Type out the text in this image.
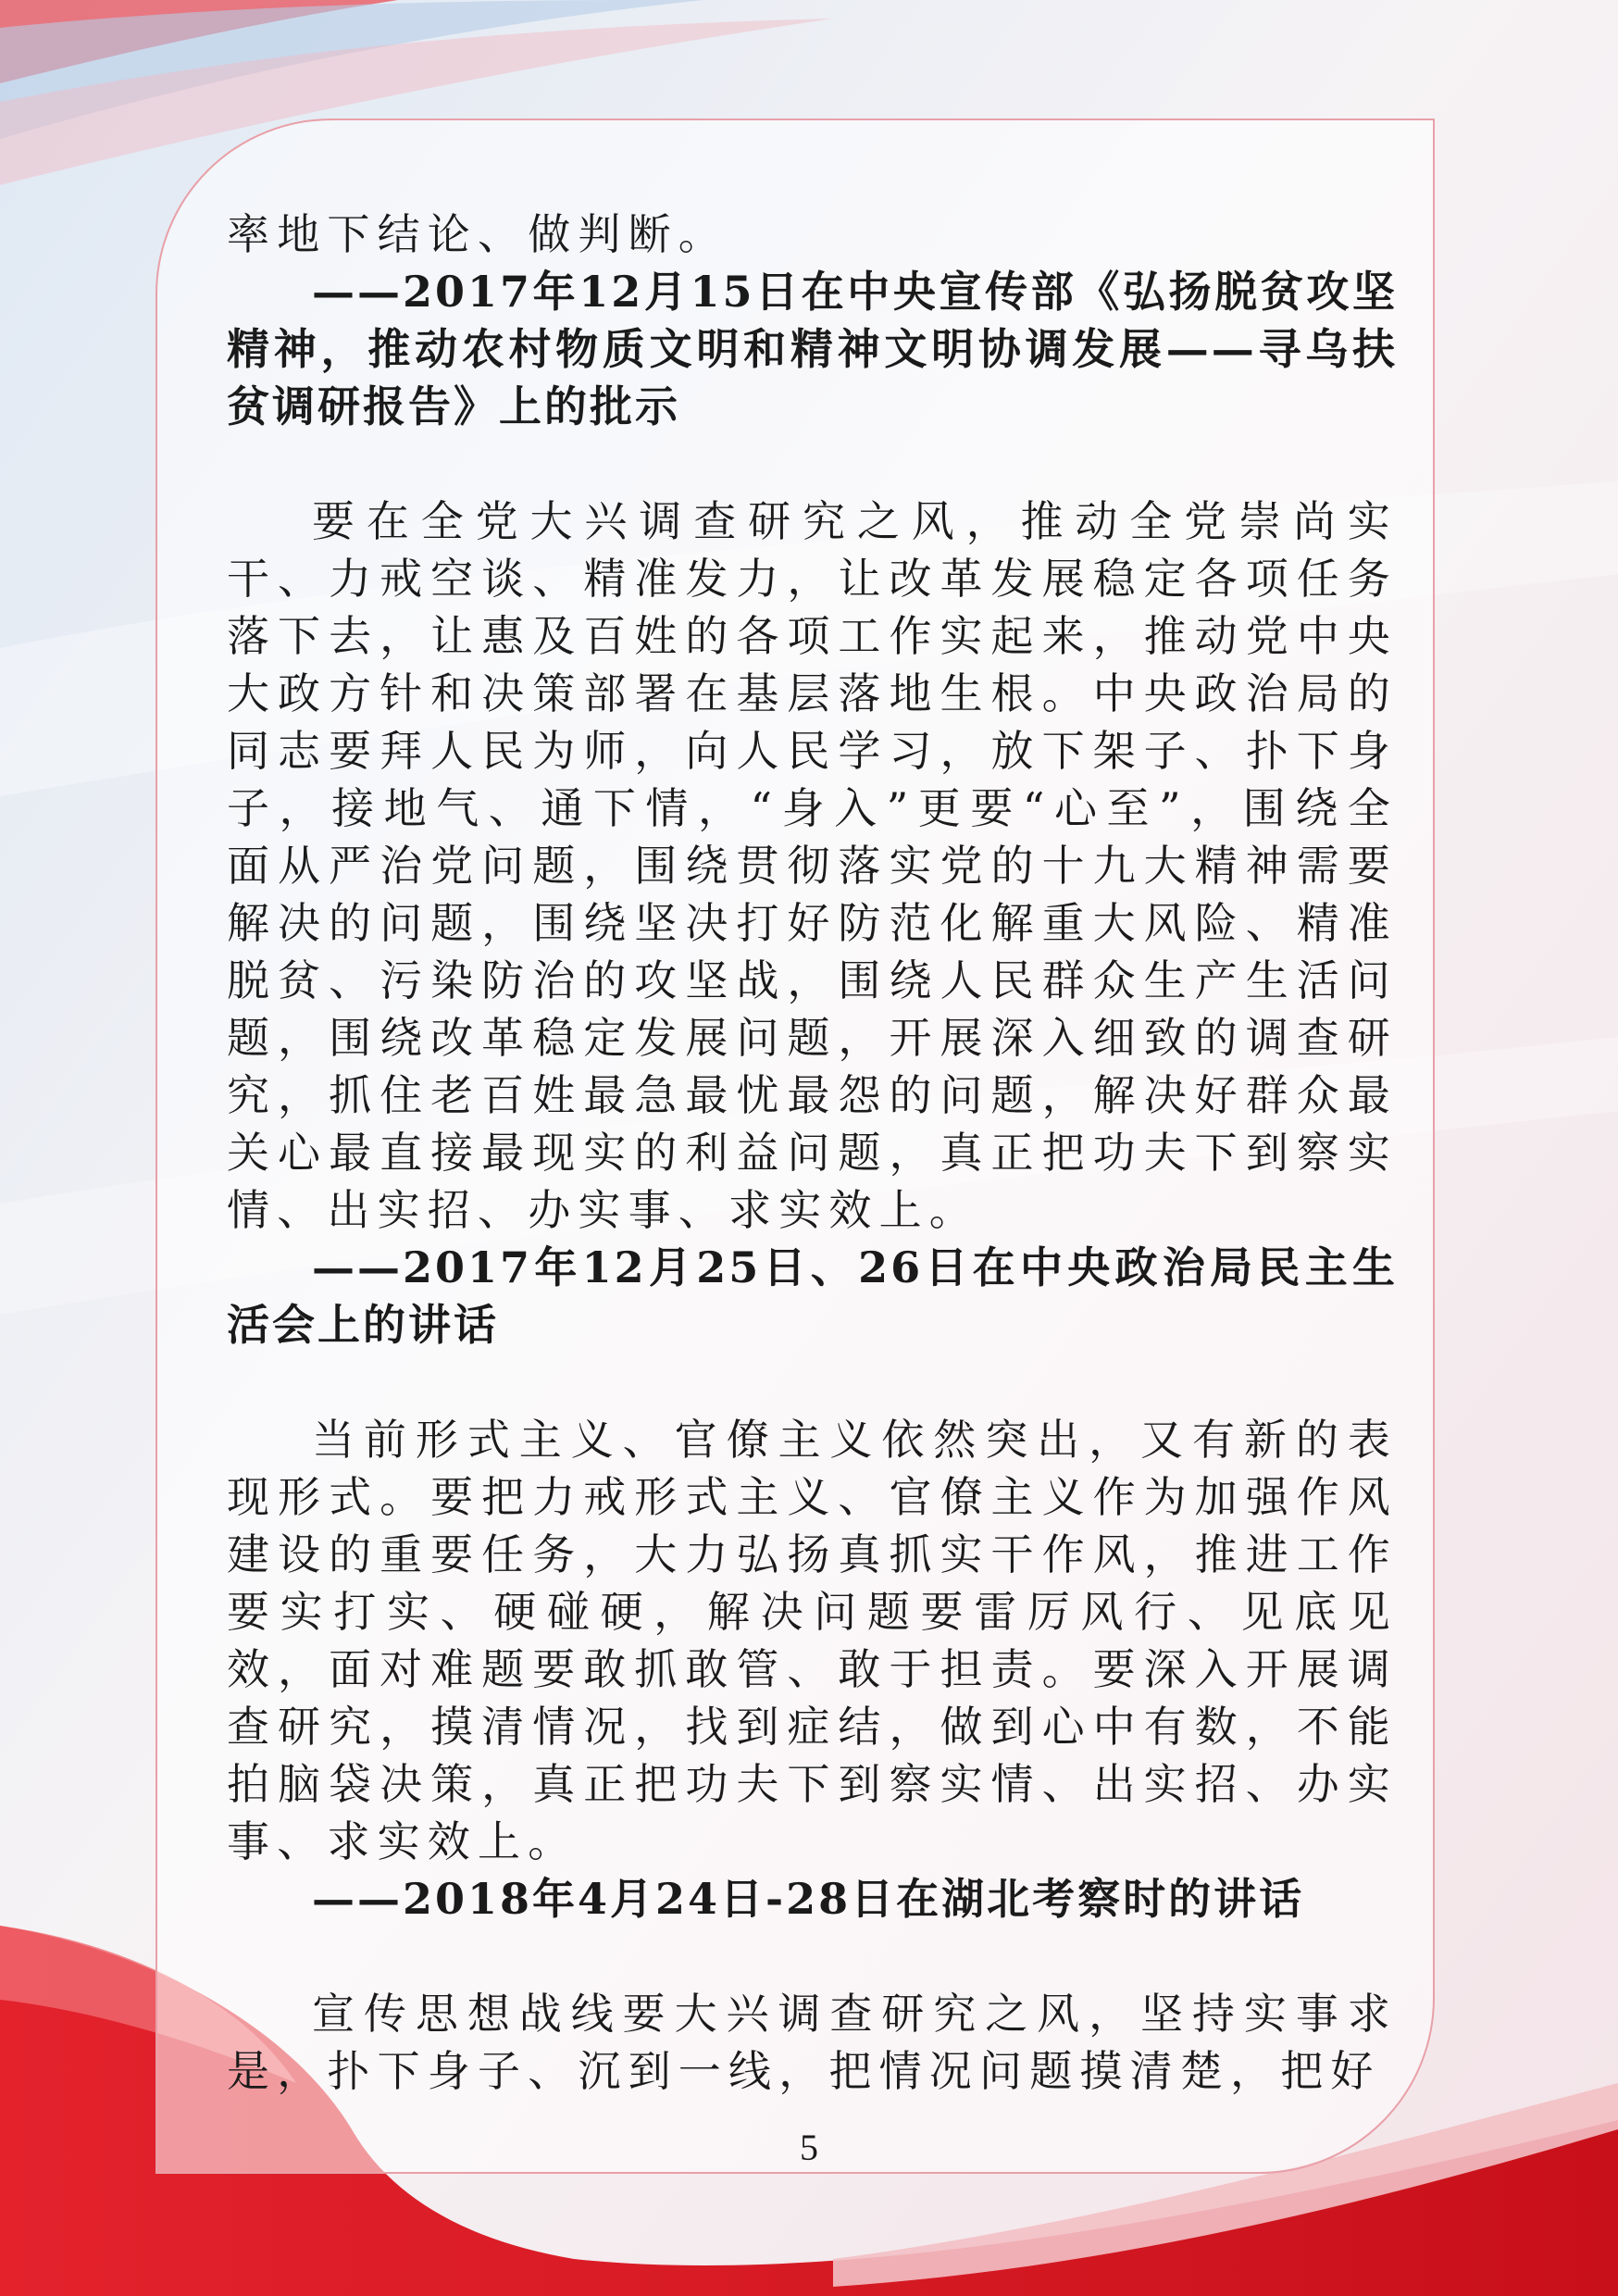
率地下结论、做判断。

——2017年12月15日在中央宣传部《弘扬脱贫攻坚精神，推动农村物质文明和精神文明协调发展——寻乌扶贫调研报告》上的批示

要在全党大兴调查研究之风，推动全党崇尚实干、力戒空谈、精准发力，让改革发展稳定各项任务落下去，让惠及百姓的各项工作实起来，推动党中央大政方针和决策部署在基层落地生根。中央政治局的同志要拜人民为师，向人民学习，放下架子、扑下身子，接地气、通下情，“身入”更要“心至”，围绕全面从严治党问题，围绕贯彻落实党的十九大精神需要解决的问题，围绕坚决打好防范化解重大风险、精准脱贫、污染防治的攻坚战，围绕人民群众生产生活问题，围绕改革稳定发展问题，开展深入细致的调查研究，抓住老百姓最急最忧最怨的问题，解决好群众最关心最直接最现实的利益问题，真正把功夫下到察实情、出实招、办实事、求实效上。

——2017年12月25日、26日在中央政治局民主生活会上的讲话

当前形式主义、官僚主义依然突出，又有新的表现形式。要把力戒形式主义、官僚主义作为加强作风建设的重要任务，大力弘扬真抓实干作风，推进工作要实打实、硬碰硬，解决问题要雷厉风行、见底见效，面对难题要敢抓敢管、敢于担责。要深入开展调查研究，摸清情况，找到症结，做到心中有数，不能拍脑袋决策，真正把功夫下到察实情、出实招、办实事、求实效上。

——2018年4月24日-28日在湖北考察时的讲话

宣传思想战线要大兴调查研究之风，坚持实事求是，扑下身子、沉到一线，把情况问题摸清楚，把好

5
